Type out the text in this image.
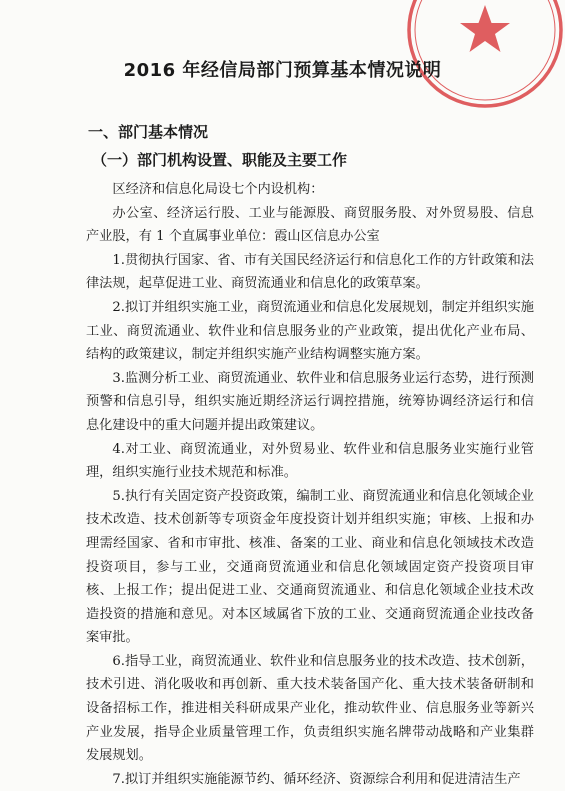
2016 年经信局部门预算基本情况说明
一、部门基本情况
（一）部门机构设置、职能及主要工作

区经济和信息化局设七个内设机构：

办公室、经济运行股、工业与能源股、商贸服务股、对外贸易股、信息产业股，有 1 个直属事业单位：霞山区信息办公室

1.贯彻执行国家、省、市有关国民经济运行和信息化工作的方针政策和法律法规，起草促进工业、商贸流通业和信息化的政策草案。

2.拟订并组织实施工业，商贸流通业和信息化发展规划，制定并组织实施工业、商贸流通业、软件业和信息服务业的产业政策，提出优化产业布局、结构的政策建议，制定并组织实施产业结构调整实施方案。

3.监测分析工业、商贸流通业、软件业和信息服务业运行态势，进行预测预警和信息引导，组织实施近期经济运行调控措施，统筹协调经济运行和信息化建设中的重大问题并提出政策建议。

4.对工业、商贸流通业，对外贸易业、软件业和信息服务业实施行业管理，组织实施行业技术规范和标准。

5.执行有关固定资产投资政策，编制工业、商贸流通业和信息化领域企业技术改造、技术创新等专项资金年度投资计划并组织实施；审核、上报和办理需经国家、省和市审批、核准、备案的工业、商业和信息化领域技术改造投资项目，参与工业，交通商贸流通业和信息化领域固定资产投资项目审核、上报工作；提出促进工业、交通商贸流通业、和信息化领域企业技术改造投资的措施和意见。对本区域属省下放的工业、交通商贸流通企业技改备案审批。

6.指导工业，商贸流通业、软件业和信息服务业的技术改造、技术创新，技术引进、消化吸收和再创新、重大技术装备国产化、重大技术装备研制和设备招标工作，推进相关科研成果产业化，推动软件业、信息服务业等新兴产业发展，指导企业质量管理工作，负责组织实施名牌带动战略和产业集群发展规划。

7.拟订并组织实施能源节约、循环经济、资源综合利用和促进清洁生产
